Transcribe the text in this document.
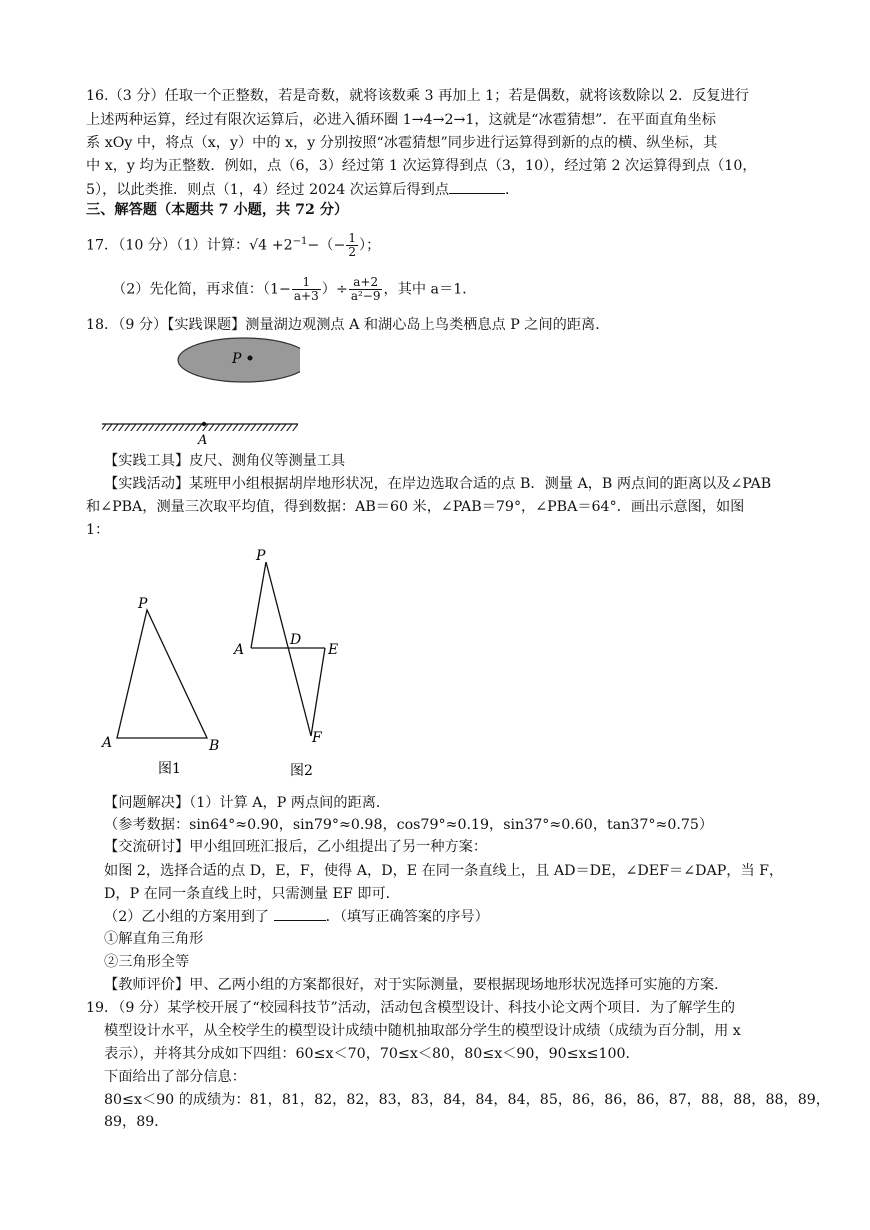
16.（3 分）任取一个正整数，若是奇数，就将该数乘 3 再加上 1；若是偶数，就将该数除以 2．反复进行
上述两种运算，经过有限次运算后，必进入循环圈 1→4→2→1，这就是“冰雹猜想”．在平面直角坐标
系 xOy 中，将点（x，y）中的 x，y 分别按照“冰雹猜想”同步进行运算得到新的点的横、纵坐标，其
中 x，y 均为正整数．例如，点（6，3）经过第 1 次运算得到点（3，10），经过第 2 次运算得到点（10，
5），以此类推．则点（1，4）经过 2024 次运算后得到点	．
三、解答题（本题共 7 小题，共 72 分）
17．（10 分）（1）计算：$√4 +2^{-1}-(- \frac{1}{2}$ ）；
（2）先化简，再求值：（$1- \frac{1}{a+3}$ ）÷ $\frac{a+2}{\text{a²−9}}$ ，其中 a＝1．
18．（9 分）【实践课题】测量湖边观测点 A 和湖心岛上鸟类栖息点 P 之间的距离．
P
A
【实践工具】皮尺、测角仪等测量工具
【实践活动】某班甲小组根据胡岸地形状况，在岸边选取合适的点 B．测量 A，B 两点间的距离以及∠PAB
和∠PBA，测量三次取平均值，得到数据：AB＝60 米，∠PAB＝79°，∠PBA＝64°．画出示意图，如图
1：
P
A	B
图1
P
A
D
E
F
图2
【问题解决】（1）计算 A，P 两点间的距离．
（参考数据：sin64°≈0.90，sin79°≈0.98，cos79°≈0.19，sin37°≈0.60，tan37°≈0.75）
【交流研讨】甲小组回班汇报后，乙小组提出了另一种方案：
如图 2，选择合适的点 D，E，F，使得 A，D，E 在同一条直线上，且 AD＝DE，∠DEF＝∠DAP，当 F，
D，P 在同一条直线上时，只需测量 EF 即可．
（2）乙小组的方案用到了	．（填写正确答案的序号）
①解直角三角形
②三角形全等
【教师评价】甲、乙两小组的方案都很好，对于实际测量，要根据现场地形状况选择可实施的方案．
19．（9 分）某学校开展了“校园科技节”活动，活动包含模型设计、科技小论文两个项目．为了解学生的
模型设计水平，从全校学生的模型设计成绩中随机抽取部分学生的模型设计成绩（成绩为百分制，用 x
表示），并将其分成如下四组：60≤x＜70，70≤x＜80，80≤x＜90，90≤x≤100．
下面给出了部分信息：
80≤x＜90 的成绩为：81，81，82，82，83，83，84，84，84，85，86，86，86，87，88，88，88，89，
89，89．
